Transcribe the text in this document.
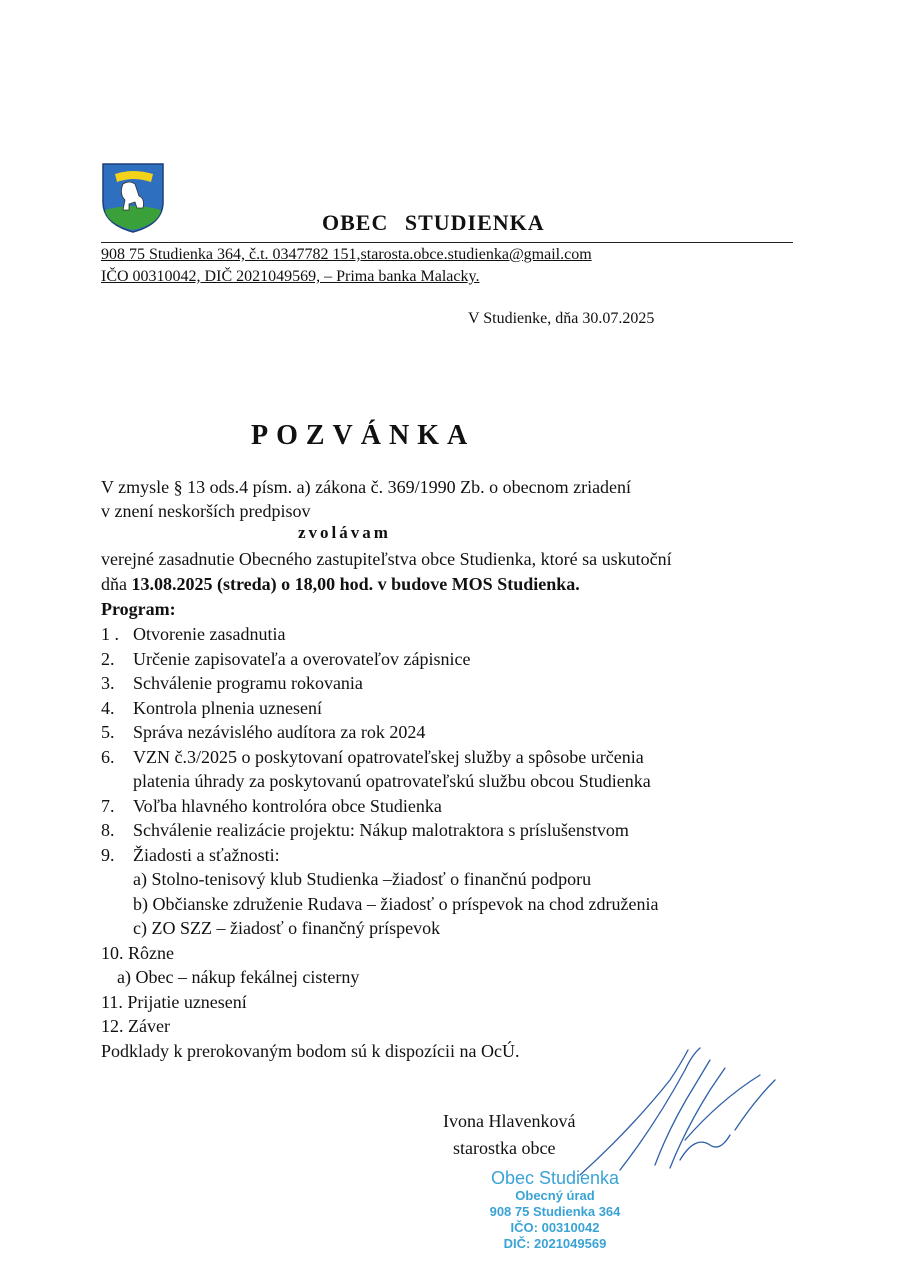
OBEC STUDIENKA
908 75 Studienka 364, č.t. 0347782 151,starosta.obce.studienka@gmail.com
IČO 00310042, DIČ 2021049569, – Prima banka Malacky.
V Studienke, dňa 30.07.2025
POZVÁNKA
V zmysle § 13 ods.4 písm. a) zákona č. 369/1990 Zb. o obecnom zriadení
v znení neskorších predpisov
zvolávam
verejné zasadnutie Obecného zastupiteľstva obce Studienka, ktoré sa uskutoční
dňa 13.08.2025 (streda) o 18,00 hod. v budove MOS Studienka.
Program:
1 . Otvorenie zasadnutia
2. Určenie zapisovateľa a overovateľov zápisnice
3. Schválenie programu rokovania
4. Kontrola plnenia uznesení
5. Správa nezávislého audítora za rok 2024
6. VZN č.3/2025 o poskytovaní opatrovateľskej služby a spôsobe určenia
platenia úhrady za poskytovanú opatrovateľskú službu obcou Studienka
7. Voľba hlavného kontrolóra obce Studienka
8. Schválenie realizácie projektu: Nákup malotraktora s príslušenstvom
9. Žiadosti a sťažnosti:
a) Stolno-tenisový klub Studienka –žiadosť o finančnú podporu
b) Občianske združenie Rudava – žiadosť o príspevok na chod združenia
c) ZO SZZ – žiadosť o finančný príspevok
10. Rôzne
a) Obec – nákup fekálnej cisterny
11. Prijatie uznesení
12. Záver
Podklady k prerokovaným bodom sú k dispozícii na OcÚ.
Ivona Hlavenková
starostka obce
Obec Studienka
Obecný úrad
908 75 Studienka 364
IČO: 00310042
DIČ: 2021049569
